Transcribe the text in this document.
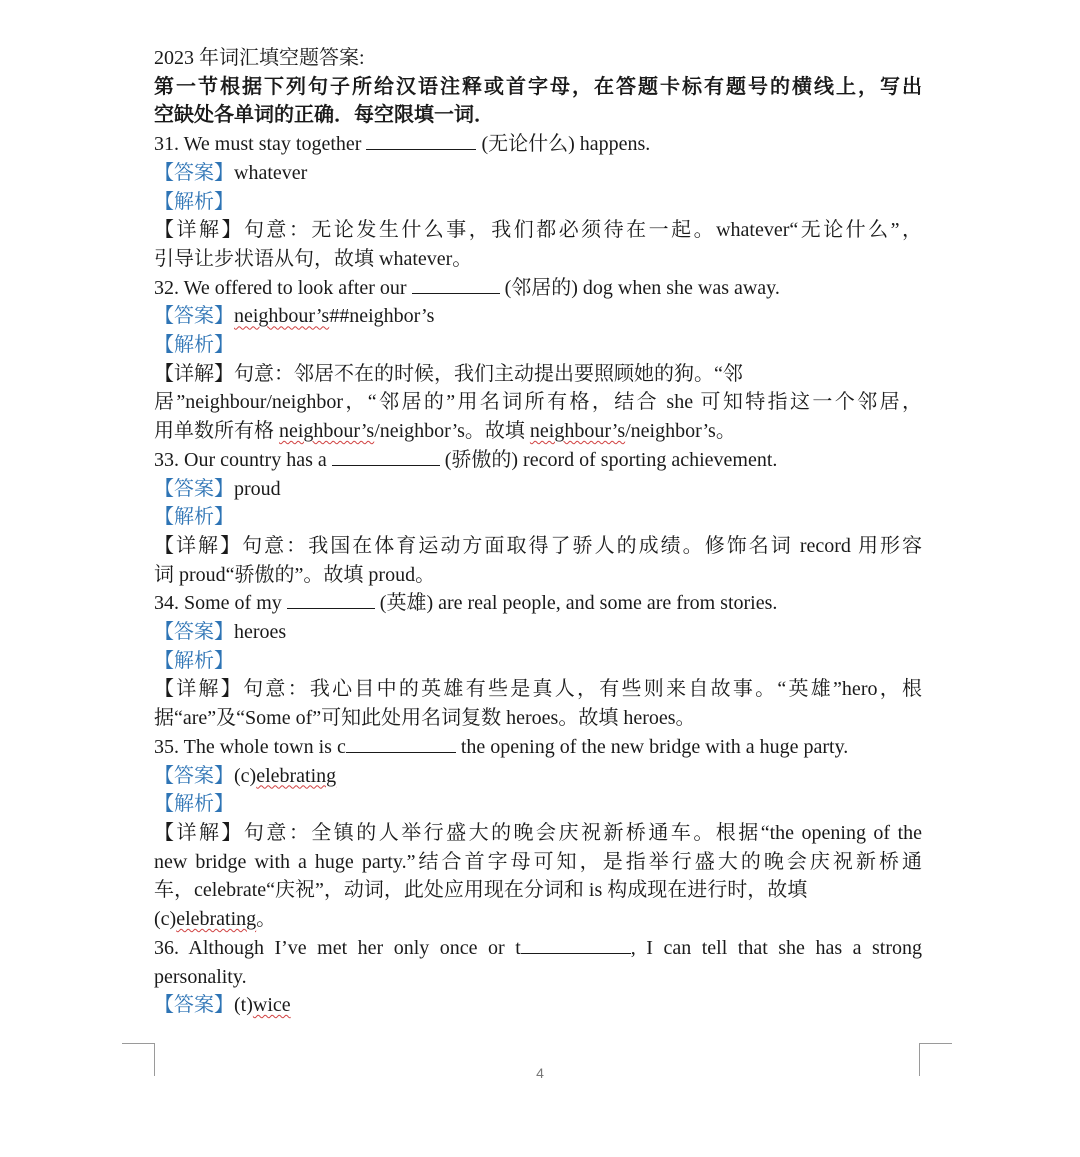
2023 年词汇填空题答案:
第一节根据下列句子所给汉语注释或首字母，在答题卡标有题号的横线上，写出
空缺处各单词的正确．每空限填一词．
31. We must stay together	(无论什么) happens.
【答案】whatever
【解析】
【详解】句意：无论发生什么事，我们都必须待在一起。whatever“无论什么”，
引导让步状语从句，故填 whatever。
32. We offered to look after our	(邻居的) dog when she was away.
【答案】neighbour’s##neighbor’s
【解析】
【详解】句意：邻居不在的时候，我们主动提出要照顾她的狗。“邻
居”neighbour/neighbor，“邻居的”用名词所有格，结合 she 可知特指这一个邻居，
用单数所有格 neighbour’s/neighbor’s。故填 neighbour’s/neighbor’s。
33. Our country has a	(骄傲的) record of sporting achievement.
【答案】proud
【解析】
【详解】句意：我国在体育运动方面取得了骄人的成绩。修饰名词 record 用形容
词 proud“骄傲的”。故填 proud。
34. Some of my	(英雄) are real people, and some are from stories.
【答案】heroes
【解析】
【详解】句意：我心目中的英雄有些是真人，有些则来自故事。“英雄”hero，根
据“are”及“Some of”可知此处用名词复数 heroes。故填 heroes。
35. The whole town is c	the opening of the new bridge with a huge party.
【答案】(c)elebrating
【解析】
【详解】句意：全镇的人举行盛大的晚会庆祝新桥通车。根据“the opening of the
new bridge with a huge party.”结合首字母可知，是指举行盛大的晚会庆祝新桥通
车，celebrate“庆祝”，动词，此处应用现在分词和 is 构成现在进行时，故填
(c)elebrating。
36. Although I’ve met her only once or t	, I can tell that she has a strong
personality.
【答案】(t)wice
4
